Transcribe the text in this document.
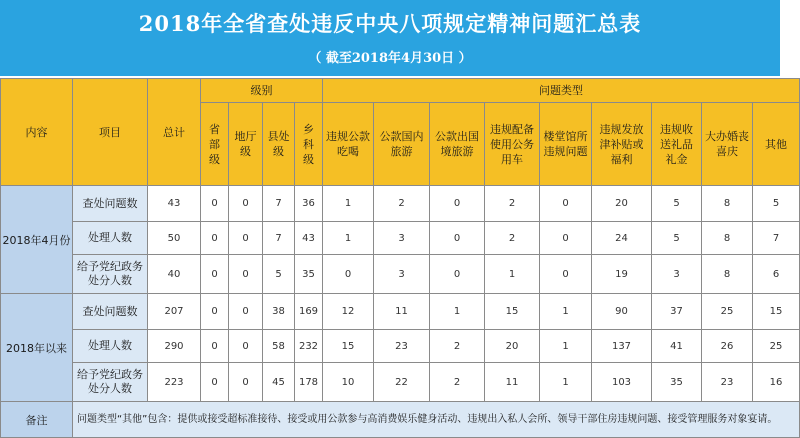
2018年全省查处违反中央八项规定精神问题汇总表
（ 截至2018年4月30日 ）
内容	项目	总计	级别				问题类型								
			省部级	地厅级	县处级	乡科级	违规公款吃喝	公款国内旅游	公款出国境旅游	违规配备使用公务用车	楼堂馆所违规问题	违规发放津补贴或福利	违规收送礼品礼金	大办婚丧喜庆	其他
2018年4月份	查处问题数	43	0	0	7	36	1	2	0	2	0	20	5	8	5
	处理人数	50	0	0	7	43	1	3	0	2	0	24	5	8	7
	给予党纪政务处分人数	40	0	0	5	35	0	3	0	1	0	19	3	8	6
2018年以来	查处问题数	207	0	0	38	169	12	11	1	15	1	90	37	25	15
	处理人数	290	0	0	58	232	15	23	2	20	1	137	41	26	25
	给予党纪政务处分人数	223	0	0	45	178	10	22	2	11	1	103	35	23	16
备注	问题类型“其他”包含：提供或接受超标准接待、接受或用公款参与高消费娱乐健身活动、违规出入私人会所、领导干部住房违规问题、接受管理服务对象宴请。														
